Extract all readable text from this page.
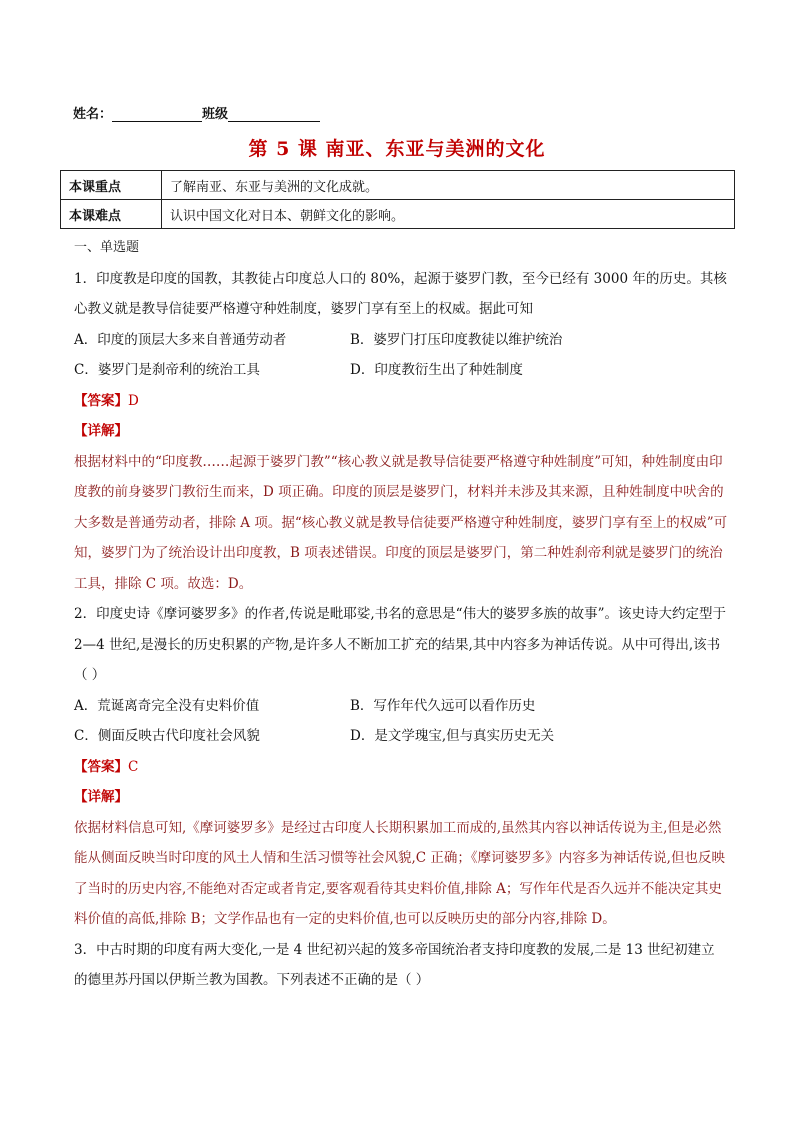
姓名：	班级
第 5 课 南亚、东亚与美洲的文化
本课重点	了解南亚、东亚与美洲的文化成就。
本课难点	认识中国文化对日本、朝鲜文化的影响。

一、单选题

1．印度教是印度的国教，其教徒占印度总人口的 80%，起源于婆罗门教，至今已经有 3000 年的历史。其核心教义就是教导信徒要严格遵守种姓制度，婆罗门享有至上的权威。据此可知

A．印度的顶层大多来自普通劳动者	B．婆罗门打压印度教徒以维护统治

C．婆罗门是刹帝利的统治工具	D．印度教衍生出了种姓制度

【答案】D

【详解】

根据材料中的“印度教……起源于婆罗门教”“核心教义就是教导信徒要严格遵守种姓制度”可知，种姓制度由印度教的前身婆罗门教衍生而来，D 项正确。印度的顶层是婆罗门，材料并未涉及其来源，且种姓制度中吠舍的大多数是普通劳动者，排除 A 项。据“核心教义就是教导信徒要严格遵守种姓制度，婆罗门享有至上的权威”可知，婆罗门为了统治设计出印度教，B 项表述错误。印度的顶层是婆罗门，第二种姓刹帝利就是婆罗门的统治工具，排除 C 项。故选：D。

2．印度史诗《摩诃婆罗多》的作者,传说是毗耶娑,书名的意思是“伟大的婆罗多族的故事”。该史诗大约定型于 2—4 世纪,是漫长的历史积累的产物,是许多人不断加工扩充的结果,其中内容多为神话传说。从中可得出,该书（ ）

A．荒诞离奇完全没有史料价值	B．写作年代久远可以看作历史

C．侧面反映古代印度社会风貌	D．是文学瑰宝,但与真实历史无关

【答案】C

【详解】

依据材料信息可知,《摩诃婆罗多》是经过古印度人长期积累加工而成的,虽然其内容以神话传说为主,但是必然能从侧面反映当时印度的风土人情和生活习惯等社会风貌,C 正确；《摩诃婆罗多》内容多为神话传说,但也反映了当时的历史内容,不能绝对否定或者肯定,要客观看待其史料价值,排除 A；写作年代是否久远并不能决定其史料价值的高低,排除 B；文学作品也有一定的史料价值,也可以反映历史的部分内容,排除 D。

3．中古时期的印度有两大变化,一是 4 世纪初兴起的笈多帝国统治者支持印度教的发展,二是 13 世纪初建立的德里苏丹国以伊斯兰教为国教。下列表述不正确的是（ ）
